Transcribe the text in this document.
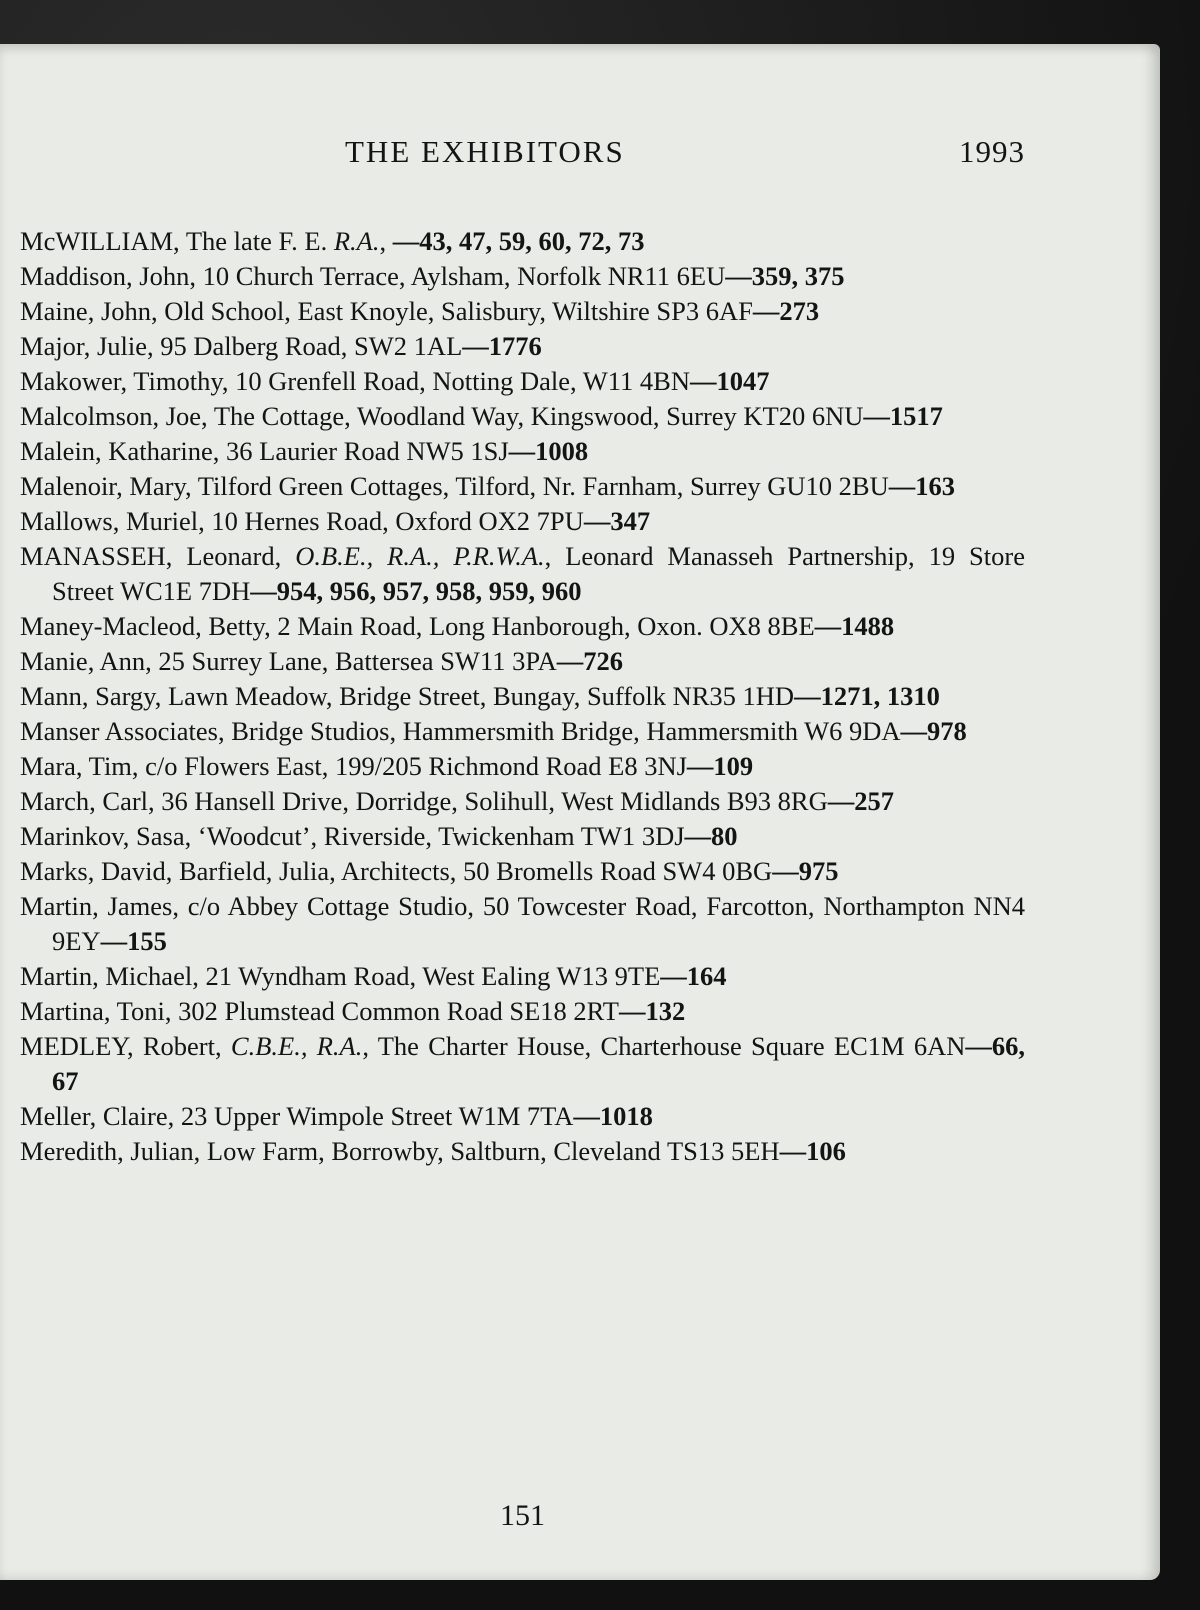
THE EXHIBITORS	1993
McWILLIAM, The late F. E. R.A., —43, 47, 59, 60, 72, 73
Maddison, John, 10 Church Terrace, Aylsham, Norfolk NR11 6EU—359, 375
Maine, John, Old School, East Knoyle, Salisbury, Wiltshire SP3 6AF—273
Major, Julie, 95 Dalberg Road, SW2 1AL—1776
Makower, Timothy, 10 Grenfell Road, Notting Dale, W11 4BN—1047
Malcolmson, Joe, The Cottage, Woodland Way, Kingswood, Surrey KT20 6NU—1517
Malein, Katharine, 36 Laurier Road NW5 1SJ—1008
Malenoir, Mary, Tilford Green Cottages, Tilford, Nr. Farnham, Surrey GU10 2BU—163
Mallows, Muriel, 10 Hernes Road, Oxford OX2 7PU—347
MANASSEH, Leonard, O.B.E., R.A., P.R.W.A., Leonard Manasseh Partnership, 19 Store Street WC1E 7DH—954, 956, 957, 958, 959, 960
Maney-Macleod, Betty, 2 Main Road, Long Hanborough, Oxon. OX8 8BE—1488
Manie, Ann, 25 Surrey Lane, Battersea SW11 3PA—726
Mann, Sargy, Lawn Meadow, Bridge Street, Bungay, Suffolk NR35 1HD—1271, 1310
Manser Associates, Bridge Studios, Hammersmith Bridge, Hammersmith W6 9DA—978
Mara, Tim, c/o Flowers East, 199/205 Richmond Road E8 3NJ—109
March, Carl, 36 Hansell Drive, Dorridge, Solihull, West Midlands B93 8RG—257
Marinkov, Sasa, ‘Woodcut’, Riverside, Twickenham TW1 3DJ—80
Marks, David, Barfield, Julia, Architects, 50 Bromells Road SW4 0BG—975
Martin, James, c/o Abbey Cottage Studio, 50 Towcester Road, Farcotton, Northampton NN4 9EY—155
Martin, Michael, 21 Wyndham Road, West Ealing W13 9TE—164
Martina, Toni, 302 Plumstead Common Road SE18 2RT—132
MEDLEY, Robert, C.B.E., R.A., The Charter House, Charterhouse Square EC1M 6AN—66, 67
Meller, Claire, 23 Upper Wimpole Street W1M 7TA—1018
Meredith, Julian, Low Farm, Borrowby, Saltburn, Cleveland TS13 5EH—106
151
